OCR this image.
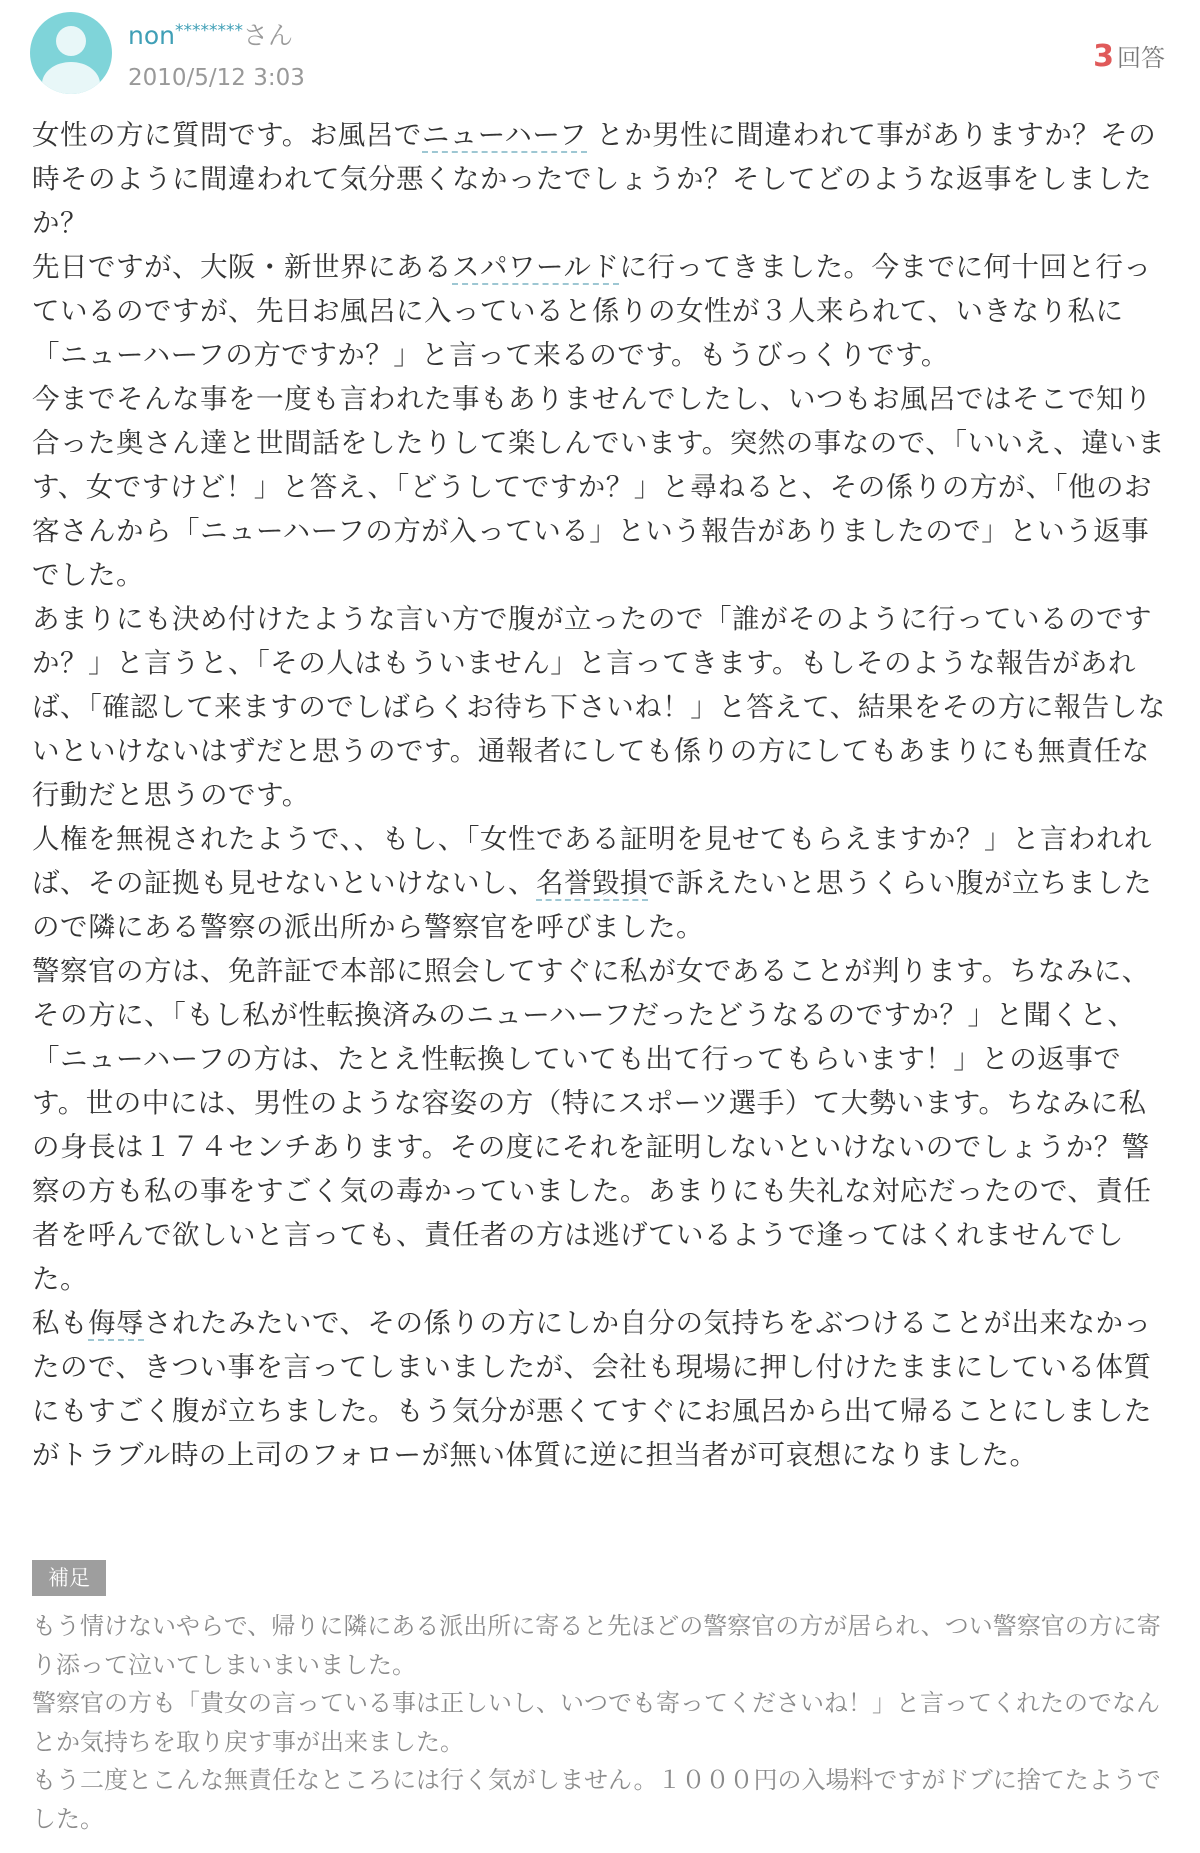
non********さん
2010/5/12 3:03
3 回答

女性の方に質問です。お風呂でニューハーフ とか男性に間違われて事がありますか？その時そのように間違われて気分悪くなかったでしょうか？そしてどのような返事をしましたか？

先日ですが、大阪・新世界にあるスパワールドに行ってきました。今までに何十回と行っているのですが、先日お風呂に入っていると係りの女性が３人来られて、いきなり私に「ニューハーフの方ですか？」と言って来るのです。もうびっくりです。

今までそんな事を一度も言われた事もありませんでしたし、いつもお風呂ではそこで知り合った奥さん達と世間話をしたりして楽しんでいます。突然の事なので、「いいえ、違います、女ですけど！」と答え、「どうしてですか？」と尋ねると、その係りの方が、「他のお客さんから「ニューハーフの方が入っている」という報告がありましたので」という返事でした。

あまりにも決め付けたような言い方で腹が立ったので「誰がそのように行っているのですか？」と言うと、「その人はもういません」と言ってきます。もしそのような報告があれば、「確認して来ますのでしばらくお待ち下さいね！」と答えて、結果をその方に報告しないといけないはずだと思うのです。通報者にしても係りの方にしてもあまりにも無責任な行動だと思うのです。

人権を無視されたようで、、もし、「女性である証明を見せてもらえますか？」と言われれば、その証拠も見せないといけないし、名誉毀損で訴えたいと思うくらい腹が立ちましたので隣にある警察の派出所から警察官を呼びました。

警察官の方は、免許証で本部に照会してすぐに私が女であることが判ります。ちなみに、その方に、「もし私が性転換済みのニューハーフだったどうなるのですか？」と聞くと、「ニューハーフの方は、たとえ性転換していても出て行ってもらいます！」との返事です。世の中には、男性のような容姿の方（特にスポーツ選手）て大勢います。ちなみに私の身長は１７４センチあります。その度にそれを証明しないといけないのでしょうか？警察の方も私の事をすごく気の毒かっていました。あまりにも失礼な対応だったので、責任者を呼んで欲しいと言っても、責任者の方は逃げているようで逢ってはくれませんでした。

私も侮辱されたみたいで、その係りの方にしか自分の気持ちをぶつけることが出来なかったので、きつい事を言ってしまいましたが、会社も現場に押し付けたままにしている体質にもすごく腹が立ちました。もう気分が悪くてすぐにお風呂から出て帰ることにしましたがトラブル時の上司のフォローが無い体質に逆に担当者が可哀想になりました。

補足

もう情けないやらで、帰りに隣にある派出所に寄ると先ほどの警察官の方が居られ、つい警察官の方に寄り添って泣いてしまいまいました。

警察官の方も「貴女の言っている事は正しいし、いつでも寄ってくださいね！」と言ってくれたのでなんとか気持ちを取り戻す事が出来ました。

もう二度とこんな無責任なところには行く気がしません。１０００円の入場料ですがドブに捨てたようでした。
